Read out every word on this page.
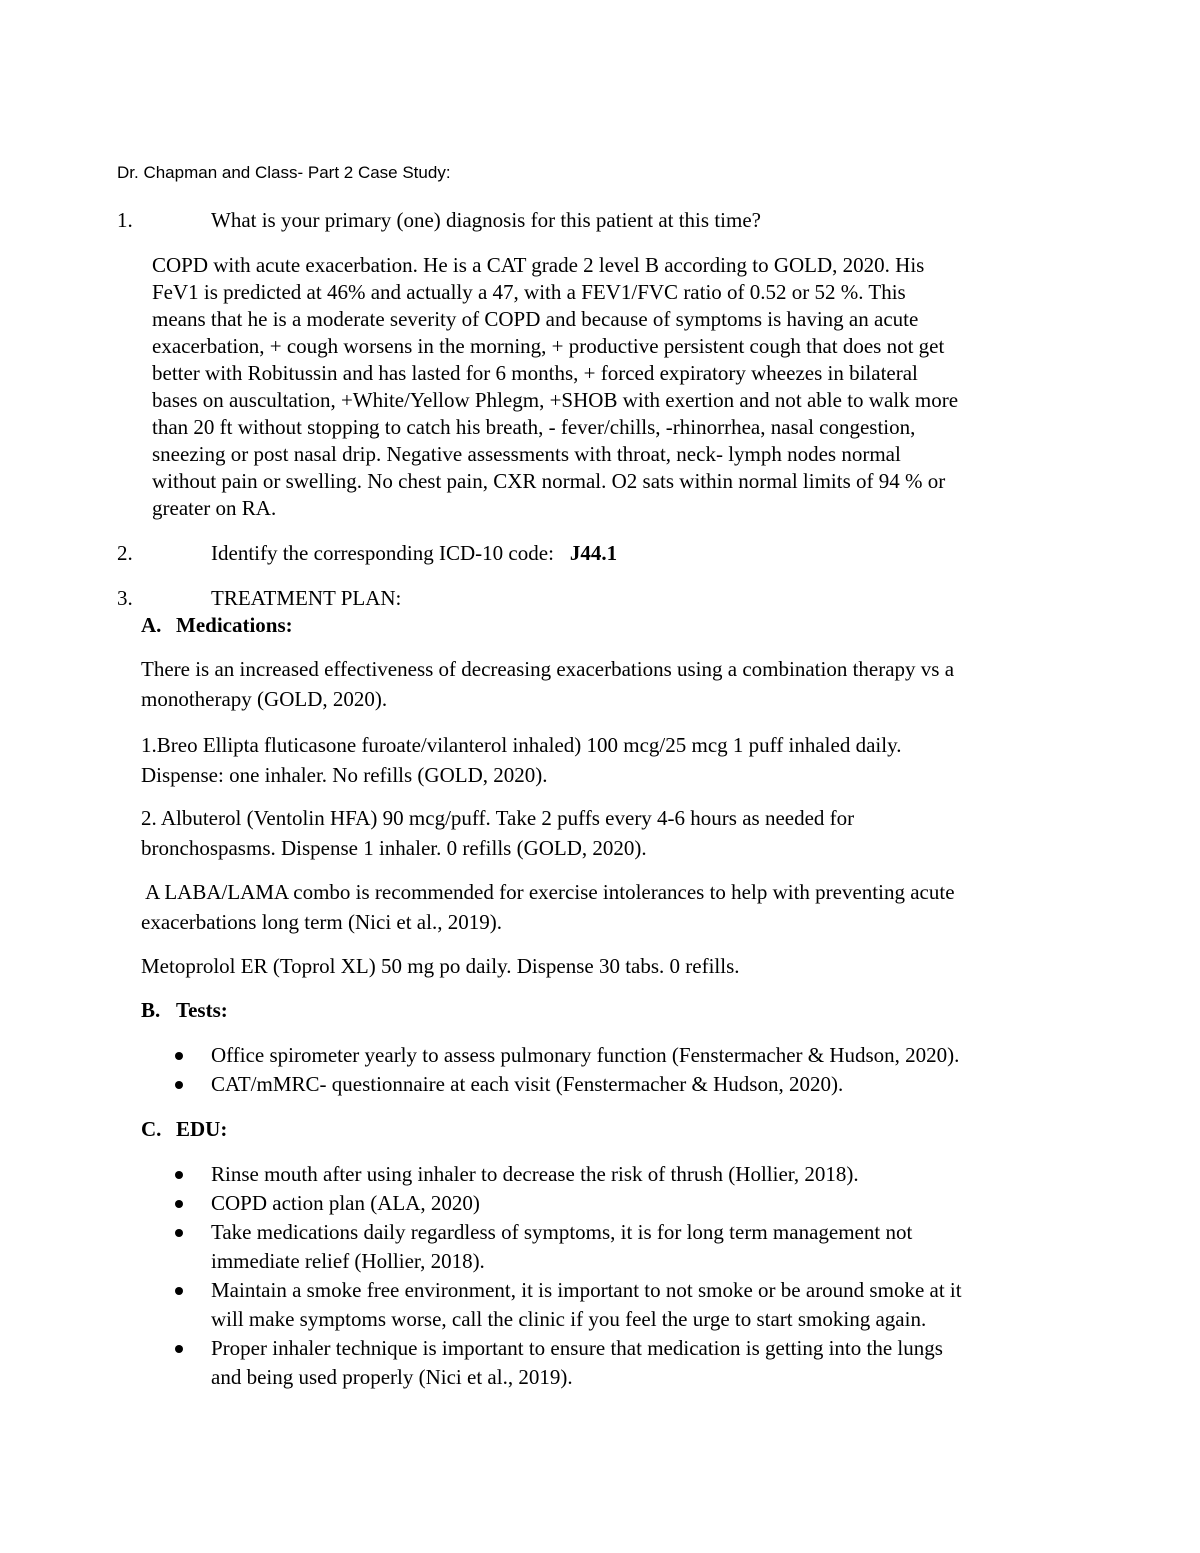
Dr. Chapman and Class- Part 2 Case Study:
1.	What is your primary (one) diagnosis for this patient at this time?
COPD with acute exacerbation. He is a CAT grade 2 level B according to GOLD, 2020. His
FeV1 is predicted at 46% and actually a 47, with a FEV1/FVC ratio of 0.52 or 52 %. This
means that he is a moderate severity of COPD and because of symptoms is having an acute
exacerbation, + cough worsens in the morning, + productive persistent cough that does not get
better with Robitussin and has lasted for 6 months, + forced expiratory wheezes in bilateral
bases on auscultation, +White/Yellow Phlegm, +SHOB with exertion and not able to walk more
than 20 ft without stopping to catch his breath, - fever/chills, -rhinorrhea, nasal congestion,
sneezing or post nasal drip. Negative assessments with throat, neck- lymph nodes normal
without pain or swelling. No chest pain, CXR normal. O2 sats within normal limits of 94 % or
greater on RA.
2.	Identify the corresponding ICD-10 code: J44.1
3.	TREATMENT PLAN:
A. Medications:

There is an increased effectiveness of decreasing exacerbations using a combination therapy vs a
monotherapy (GOLD, 2020).

1.Breo Ellipta fluticasone furoate/vilanterol inhaled) 100 mcg/25 mcg 1 puff inhaled daily.
Dispense: one inhaler. No refills (GOLD, 2020).

2. Albuterol (Ventolin HFA) 90 mcg/puff. Take 2 puffs every 4-6 hours as needed for
bronchospasms. Dispense 1 inhaler. 0 refills (GOLD, 2020).

A LABA/LAMA combo is recommended for exercise intolerances to help with preventing acute
exacerbations long term (Nici et al., 2019).

Metoprolol ER (Toprol XL) 50 mg po daily. Dispense 30 tabs. 0 refills.

B. Tests:
Office spirometer yearly to assess pulmonary function (Fenstermacher & Hudson, 2020).
CAT/mMRC- questionnaire at each visit (Fenstermacher & Hudson, 2020).
C. EDU:
Rinse mouth after using inhaler to decrease the risk of thrush (Hollier, 2018).
COPD action plan (ALA, 2020)
Take medications daily regardless of symptoms, it is for long term management not
immediate relief (Hollier, 2018).
Maintain a smoke free environment, it is important to not smoke or be around smoke at it
will make symptoms worse, call the clinic if you feel the urge to start smoking again.
Proper inhaler technique is important to ensure that medication is getting into the lungs
and being used properly (Nici et al., 2019).
